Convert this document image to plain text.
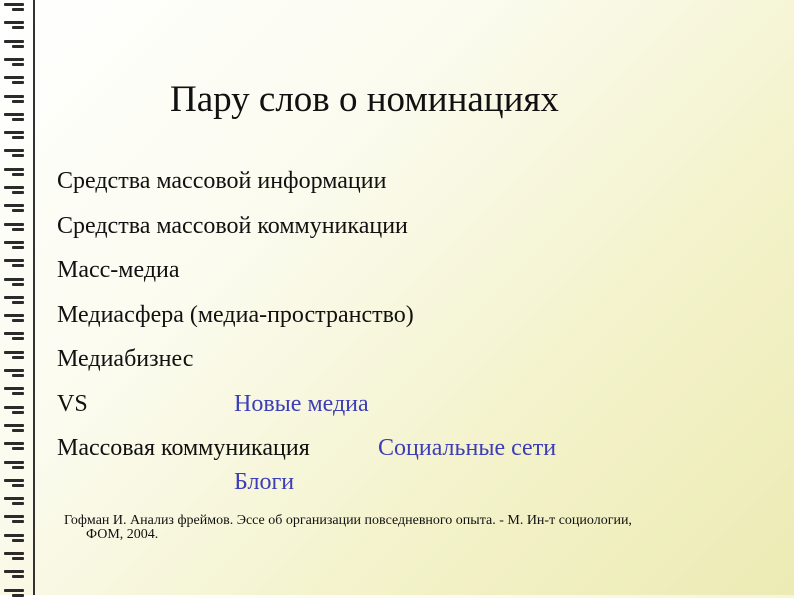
Пару слов о номинациях
Средства массовой информации
Средства массовой коммуникации
Масс-медиа
Медиасфера (медиа-пространство)
Медиабизнес
VS
Массовая коммуникация
Новые медиа
Социальные сети
Блоги
Гофман И. Анализ фреймов. Эссе об организации повседневного опыта. - М. Ин-т социологии,
ФОМ, 2004.
